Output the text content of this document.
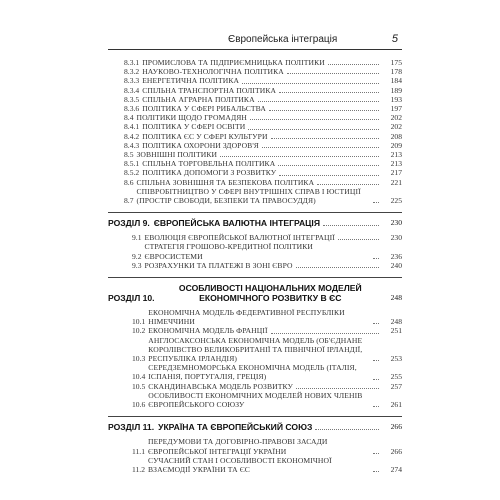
Європейська інтеграція	5
8.3.1 ПРОМИСЛОВА ТА ПІДПРИЄМНИЦЬКА ПОЛІТИКИ	175
8.3.2 НАУКОВО-ТЕХНОЛОГІЧНА ПОЛІТИКА	178
8.3.3 ЕНЕРГЕТИЧНА ПОЛІТИКА	184
8.3.4 СПІЛЬНА ТРАНСПОРТНА ПОЛІТИКА	189
8.3.5 СПІЛЬНА АГРАРНА ПОЛІТИКА	193
8.3.6 ПОЛІТИКА У СФЕРІ РИБАЛЬСТВА	197
8.4 ПОЛІТИКИ ЩОДО ГРОМАДЯН	202
8.4.1 ПОЛІТИКА У СФЕРІ ОСВІТИ	202
8.4.2 ПОЛІТИКА ЄС У СФЕРІ КУЛЬТУРИ	208
8.4.3 ПОЛІТИКА ОХОРОНИ ЗДОРОВ'Я	209
8.5 ЗОВНІШНІ ПОЛІТИКИ	213
8.5.1 СПІЛЬНА ТОРГОВЕЛЬНА ПОЛІТИКА	213
8.5.2 ПОЛІТИКА ДОПОМОГИ З РОЗВИТКУ	217
8.6 СПІЛЬНА ЗОВНІШНЯ ТА БЕЗПЕКОВА ПОЛІТИКА	221
8.7
СПІВРОБІТНИЦТВО У СФЕРІ ВНУТРІШНІХ СПРАВ І ЮСТИЦІЇ (ПРОСТІР СВОБОДИ, БЕЗПЕКИ ТА ПРАВОСУДДЯ)	225
РОЗДІЛ 9. ЄВРОПЕЙСЬКА ВАЛЮТНА ІНТЕГРАЦІЯ	230
9.1 ЕВОЛЮЦІЯ ЄВРОПЕЙСЬКОЇ ВАЛЮТНОЇ ІНТЕГРАЦІЇ	230
9.2
СТРАТЕГІЯ ГРОШОВО-КРЕДИТНОЇ ПОЛІТИКИ ЄВРОСИСТЕМИ	236
9.3 РОЗРАХУНКИ ТА ПЛАТЕЖІ В ЗОНІ ЄВРО	240
РОЗДІЛ 10.
ОСОБЛИВОСТІ НАЦІОНАЛЬНИХ МОДЕЛЕЙ ЕКОНОМІЧНОГО РОЗВИТКУ В ЄС	248
10.1
ЕКОНОМІЧНА МОДЕЛЬ ФЕДЕРАТИВНОЇ РЕСПУБЛІКИ НІМЕЧЧИНИ	248
10.2 ЕКОНОМІЧНА МОДЕЛЬ ФРАНЦІЇ	251
10.3
АНГЛОСАКСОНСЬКА ЕКОНОМІЧНА МОДЕЛЬ (ОБ'ЄДНАНЕ КОРОЛІВСТВО ВЕЛИКОБРИТАНІЇ ТА ПІВНІЧНОЇ ІРЛАНДІЇ, РЕСПУБЛІКА ІРЛАНДІЯ)	253
10.4
СЕРЕДЗЕМНОМОРСЬКА ЕКОНОМІЧНА МОДЕЛЬ (ІТАЛІЯ, ІСПАНІЯ, ПОРТУГАЛІЯ, ГРЕЦІЯ)	255
10.5 СКАНДИНАВСЬКА МОДЕЛЬ РОЗВИТКУ	257
10.6
ОСОБЛИВОСТІ ЕКОНОМІЧНИХ МОДЕЛЕЙ НОВИХ ЧЛЕНІВ ЄВРОПЕЙСЬКОГО СОЮЗУ	261
РОЗДІЛ 11. УКРАЇНА ТА ЄВРОПЕЙСЬКИЙ СОЮЗ	266
11.1
ПЕРЕДУМОВИ ТА ДОГОВІРНО-ПРАВОВІ ЗАСАДИ ЄВРОПЕЙСЬКОЇ ІНТЕГРАЦІЇ УКРАЇНИ	266
11.2
СУЧАСНИЙ СТАН І ОСОБЛИВОСТІ ЕКОНОМІЧНОЇ ВЗАЄМОДІЇ УКРАЇНИ ТА ЄС	274
